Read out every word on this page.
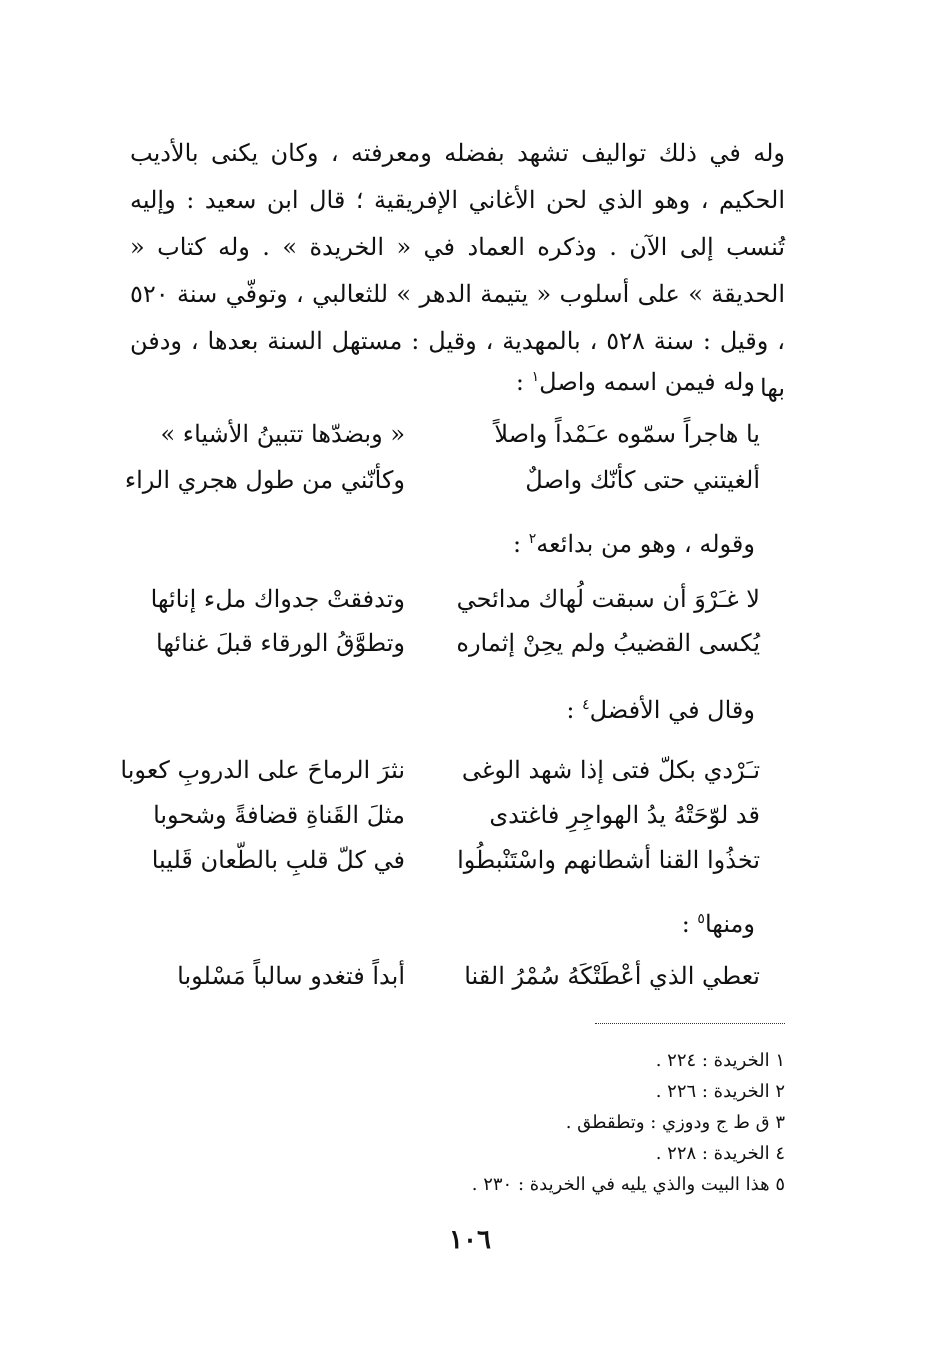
وله في ذلك تواليف تشهد بفضله ومعرفته ، وكان يكنى بالأديب الحكيم ، وهو الذي لحن الأغاني الإفريقية ؛ قال ابن سعيد : وإليه تُنسب إلى الآن . وذكره العماد في « الخريدة » . وله كتاب « الحديقة » على أسلوب « يتيمة الدهر » للثعالبي ، وتوفّي سنة ٥٢٠ ، وقيل : سنة ٥٢٨ ، بالمهدية ، وقيل : مستهل السنة بعدها ، ودفن بها .

وله فيمن اسمه واصل$^١$ :
يا هاجراً سمّوه عـَمْداً واصلاً
« وبضدّها تتبينُ الأشياء »
ألغيتني حتى كأنّك واصلٌ
وكأنّني من طول هجري الراء
وقوله ، وهو من بدائعه$^٢$ :
لا غـَرْوَ أن سبقت لُهاك مدائحي
وتدفقتْ جدواك ملء إنائها
يُكسى القضيبُ ولم يحِنْ إثماره
وتطوَّقُ الورقاء قبلَ غنائها
وقال في الأفضل$^٤$ :
تـَرْدي بكلّ فتى إذا شهد الوغى
نثرَ الرماحَ على الدروبِ كعوبا
قد لوّحَتْهُ يدُ الهواجِرِ فاغتدى
مثلَ القَناةِ قضافةً وشحوبا
تخذُوا القنا أشطانهم واسْتَنْبطُوا
في كلّ قلبِ بالطّعان قَليبا
ومنها$^٥$ :
تعطي الذي أعْطَتْكَهُ سُمْرُ القنا
أبداً فتغدو سالباً مَسْلوبا
١ الخريدة : ٢٢٤ .
٢ الخريدة : ٢٢٦ .
٣ ق ط ج ودوزي : وتطقطق .
٤ الخريدة : ٢٢٨ .
٥ هذا البيت والذي يليه في الخريدة : ٢٣٠ .
١٠٦
